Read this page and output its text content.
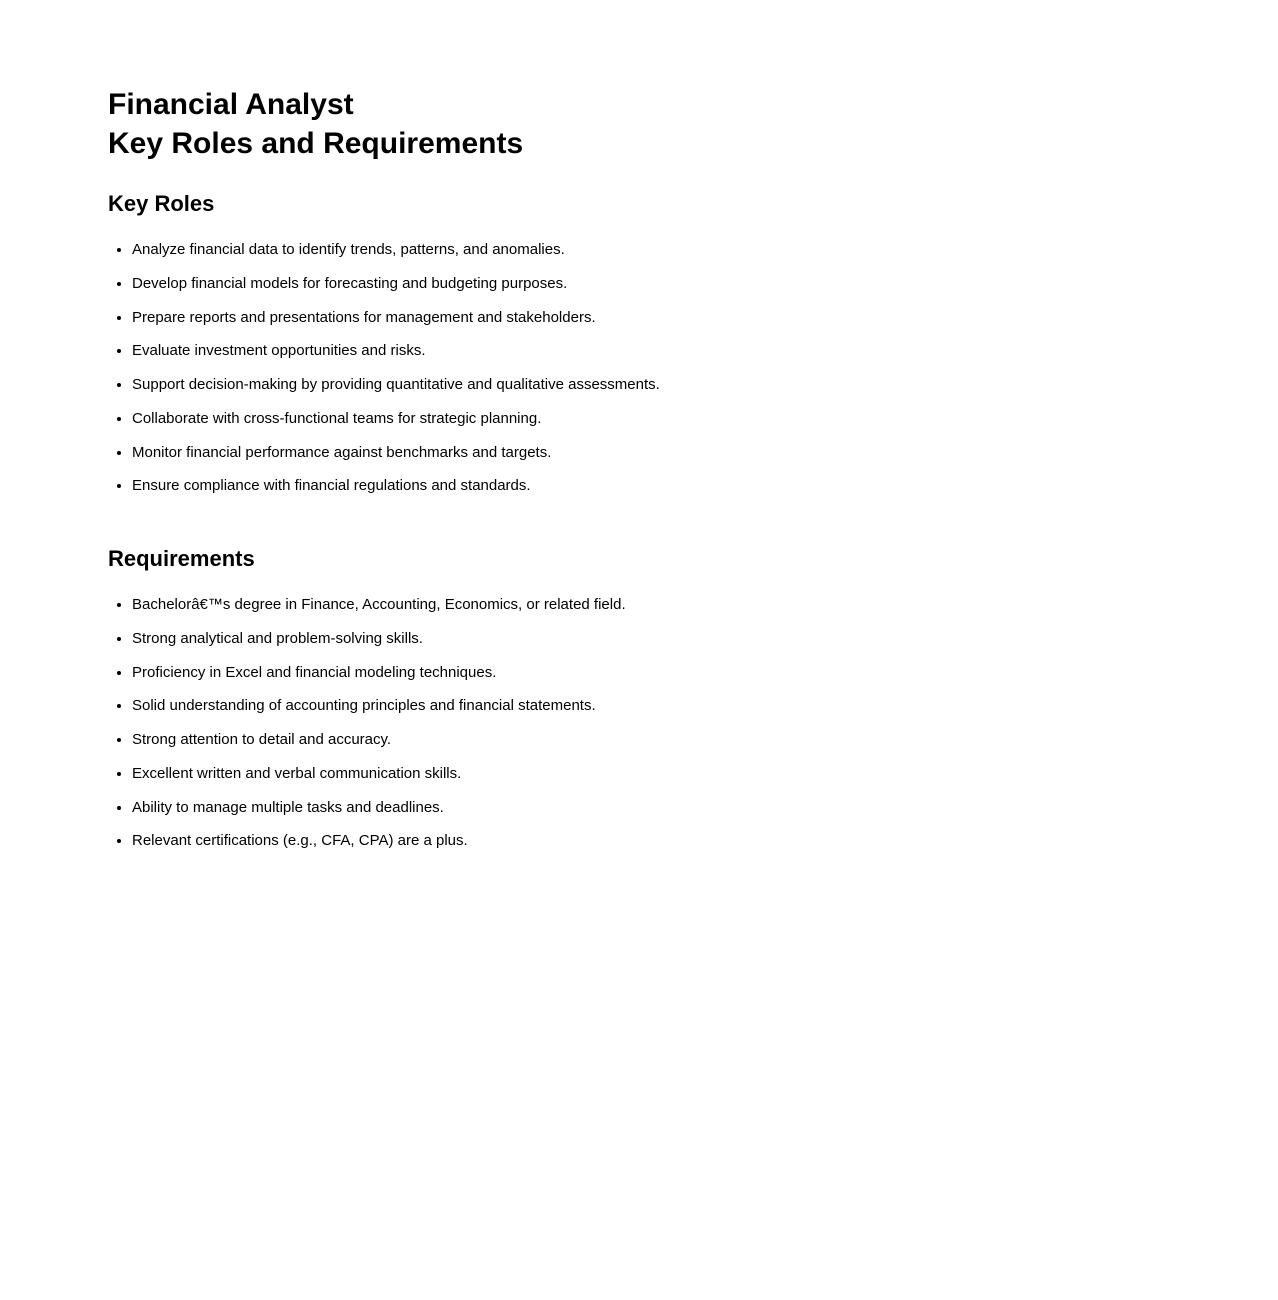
Financial Analyst
Key Roles and Requirements
Key Roles
• Analyze financial data to identify trends, patterns, and anomalies.
• Develop financial models for forecasting and budgeting purposes.
• Prepare reports and presentations for management and stakeholders.
• Evaluate investment opportunities and risks.
• Support decision-making by providing quantitative and qualitative assessments.
• Collaborate with cross-functional teams for strategic planning.
• Monitor financial performance against benchmarks and targets.
• Ensure compliance with financial regulations and standards.
Requirements
• Bachelorâ€™s degree in Finance, Accounting, Economics, or related field.
• Strong analytical and problem-solving skills.
• Proficiency in Excel and financial modeling techniques.
• Solid understanding of accounting principles and financial statements.
• Strong attention to detail and accuracy.
• Excellent written and verbal communication skills.
• Ability to manage multiple tasks and deadlines.
• Relevant certifications (e.g., CFA, CPA) are a plus.
